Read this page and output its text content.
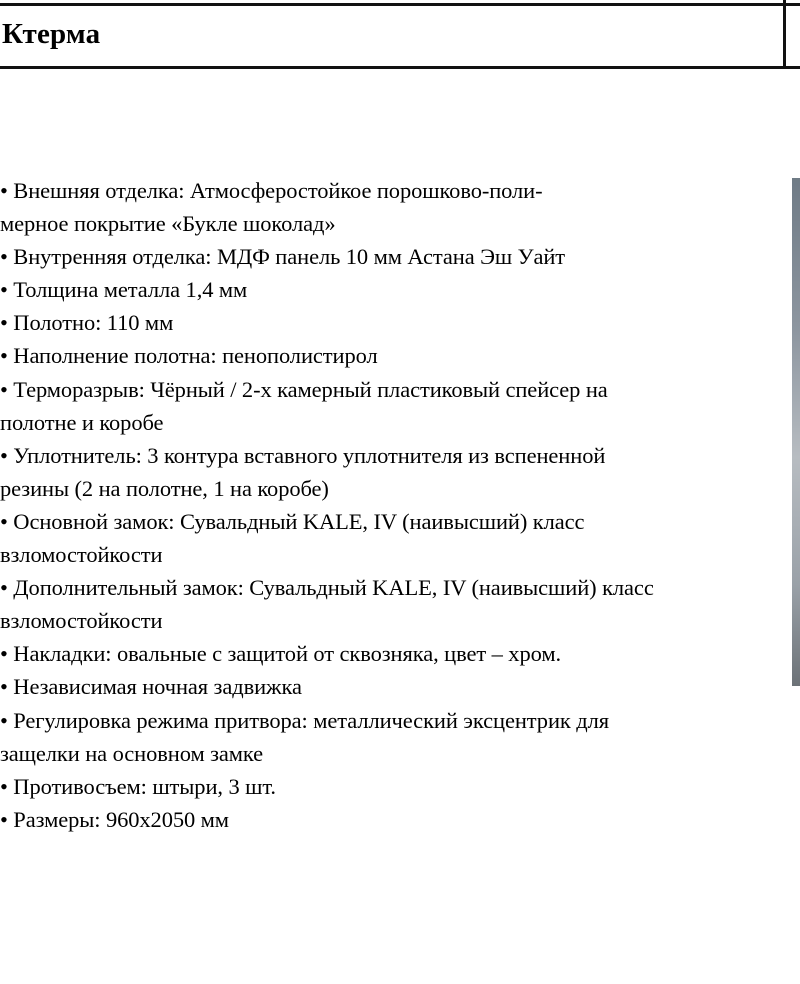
Ктерма
• Внешняя отделка: Атмосферостойкое порошково-поли-
мерное покрытие «Букле шоколад»
• Внутренняя отделка: МДФ панель 10 мм Астана Эш Уайт
• Толщина металла 1,4 мм
• Полотно: 110 мм
• Наполнение полотна: пенополистирол
• Терморазрыв: Чёрный / 2-х камерный пластиковый спейсер на
полотне и коробе
• Уплотнитель: 3 контура вставного уплотнителя из вспененной
резины (2 на полотне, 1 на коробе)
• Основной замок: Сувальдный KALE, IV (наивысший) класс
взломостойкости
• Дополнительный замок: Сувальдный KALE, IV (наивысший) класс
взломостойкости
• Накладки: овальные с защитой от сквозняка, цвет – хром.
• Независимая ночная задвижка
• Регулировка режима притвора: металлический эксцентрик для
защелки на основном замке
• Противосъем: штыри, 3 шт.
• Размеры: 960х2050 мм
